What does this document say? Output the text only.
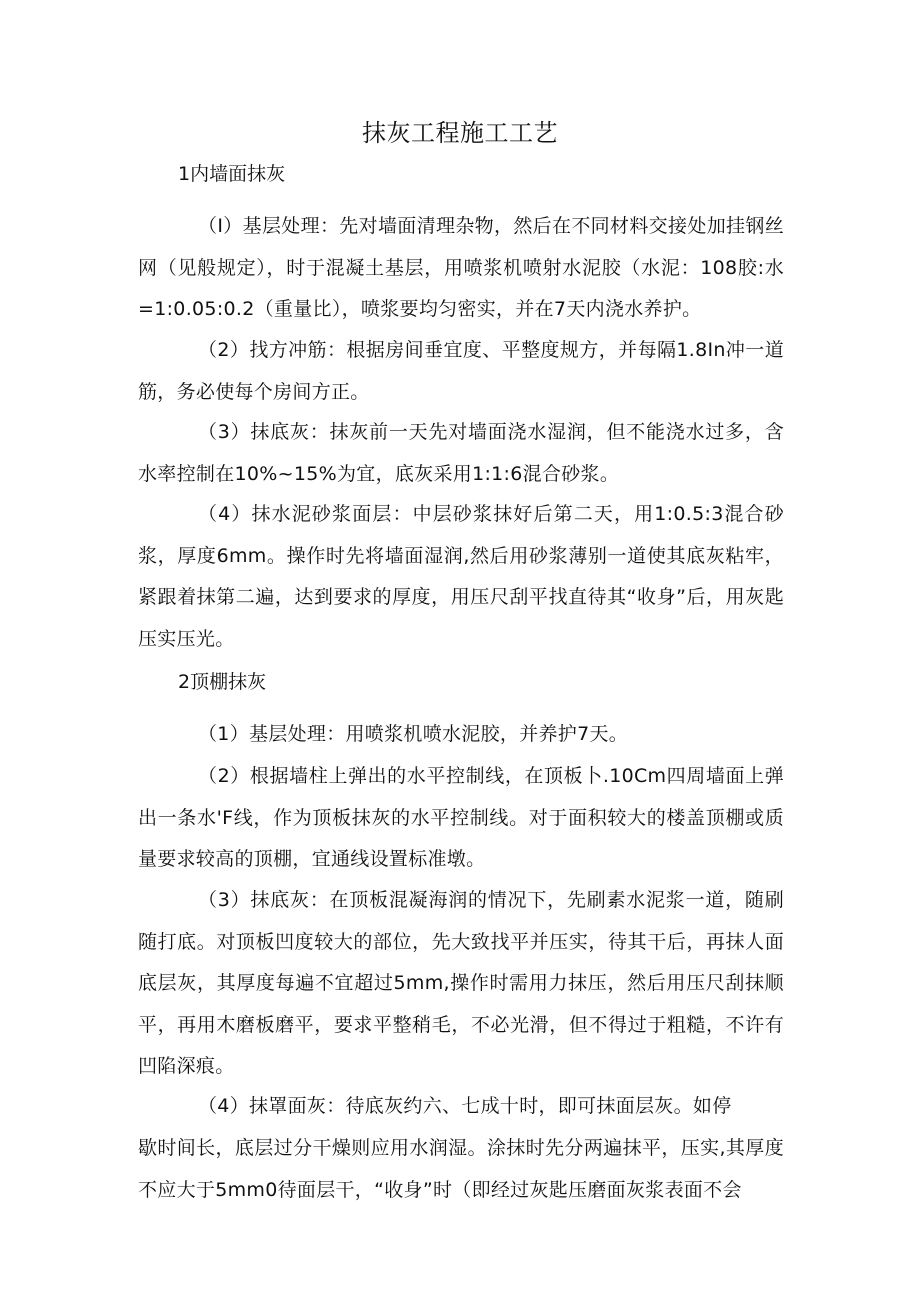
抹灰工程施工工艺
1内墙面抹灰

（I）基层处理：先对墙面清理杂物，然后在不同材料交接处加挂钢丝网（见般规定），时于混凝土基层，用喷浆机喷射水泥胶（水泥：108胶:水=1:0.05:0.2（重量比），喷浆要均匀密实，并在7天内浇水养护。

（2）找方冲筋：根据房间垂宜度、平整度规方，并每隔1.8In冲一道筋，务必使每个房间方正。

（3）抹底灰：抹灰前一天先对墙面浇水湿润，但不能浇水过多，含水率控制在10%~15%为宜，底灰采用1:1:6混合砂浆。

（4）抹水泥砂浆面层：中层砂浆抹好后第二天，用1:0.5:3混合砂浆，厚度6mm。操作时先将墙面湿润,然后用砂浆薄别一道使其底灰粘牢，紧跟着抹第二遍，达到要求的厚度，用压尺刮平找直待其“收身”后，用灰匙压实压光。

2顶棚抹灰

（1）基层处理：用喷浆机喷水泥胶，并养护7天。

（2）根据墙柱上弹出的水平控制线，在顶板卜.10Cm四周墙面上弹出一条水'F线，作为顶板抹灰的水平控制线。对于面积较大的楼盖顶棚或质量要求较高的顶棚，宜通线设置标准墩。

（3）抹底灰：在顶板混凝海润的情况下，先刷素水泥浆一道，随刷随打底。对顶板凹度较大的部位，先大致找平并压实，待其干后，再抹人面底层灰，其厚度每遍不宜超过5mm,操作时需用力抹压，然后用压尺刮抹顺平，再用木磨板磨平，要求平整稍毛，不必光滑，但不得过于粗糙，不许有凹陷深痕。

（4）抹罩面灰：待底灰约六、七成十时，即可抹面层灰。如停

歇时间长，底层过分干燥则应用水润湿。涂抹时先分两遍抹平，压实,其厚度不应大于5mm0待面层干，“收身”时（即经过灰匙压磨面灰浆表面不会
